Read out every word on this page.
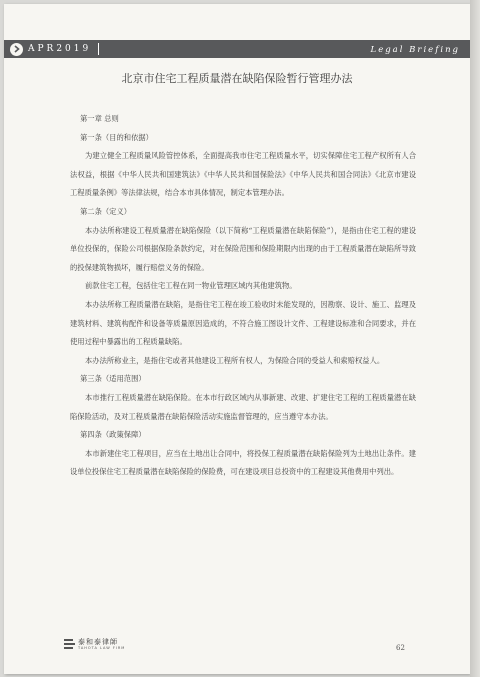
APR2019	Legal Briefing
北京市住宅工程质量潜在缺陷保险暂行管理办法

第一章 总则

第一条（目的和依据）

为建立健全工程质量风险管控体系，全面提高我市住宅工程质量水平，切实保障住宅工程产权所有人合法权益，根据《中华人民共和国建筑法》《中华人民共和国保险法》《中华人民共和国合同法》《北京市建设工程质量条例》等法律法规，结合本市具体情况，制定本管理办法。

第二条（定义）

本办法所称建设工程质量潜在缺陷保险（以下简称“工程质量潜在缺陷保险”），是指由住宅工程的建设单位投保的，保险公司根据保险条款约定，对在保险范围和保险期限内出现的由于工程质量潜在缺陷所导致的投保建筑物损坏，履行赔偿义务的保险。

前款住宅工程，包括住宅工程在同一物业管理区域内其他建筑物。

本办法所称工程质量潜在缺陷，是指住宅工程在竣工验收时未能发现的，因勘察、设计、施工、监理及建筑材料、建筑构配件和设备等质量原因造成的，不符合施工图设计文件、工程建设标准和合同要求，并在使用过程中暴露出的工程质量缺陷。

本办法所称业主，是指住宅或者其他建设工程所有权人，为保险合同的受益人和索赔权益人。

第三条（适用范围）

本市推行工程质量潜在缺陷保险。在本市行政区域内从事新建、改建、扩建住宅工程的工程质量潜在缺陷保险活动，及对工程质量潜在缺陷保险活动实施监督管理的，应当遵守本办法。

第四条（政策保障）

本市新建住宅工程项目，应当在土地出让合同中，将投保工程质量潜在缺陷保险列为土地出让条件。建设单位投保住宅工程质量潜在缺陷保险的保险费，可在建设项目总投资中的工程建设其他费用中列出。

泰和泰律師
TAHOTA LAW FIRM	62
